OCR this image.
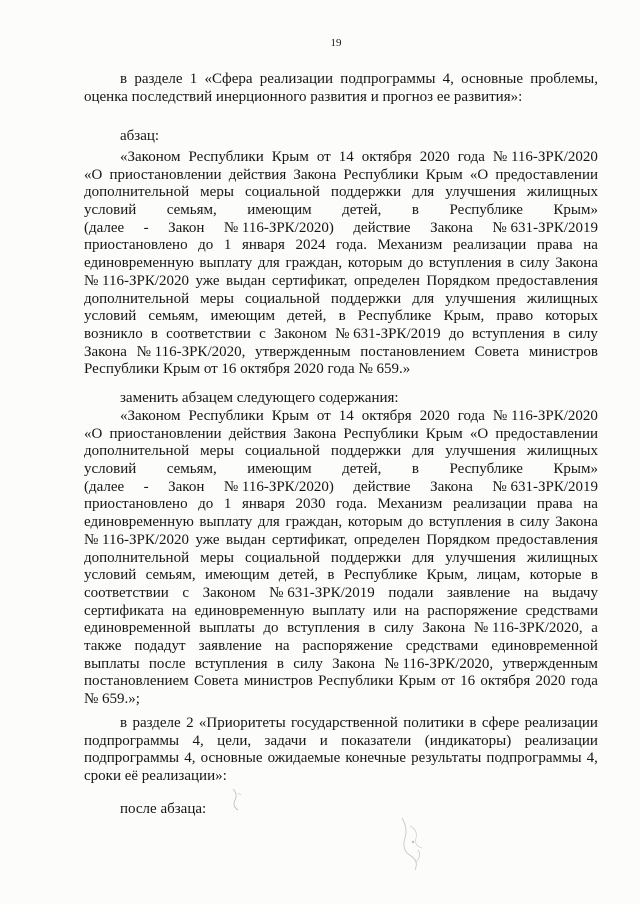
19
в разделе 1 «Сфера реализации подпрограммы 4, основные проблемы,
оценка последствий инерционного развития и прогноз ее развития»:
абзац:
«Законом Республики Крым от 14 октября 2020 года № 116-ЗРК/2020
«О приостановлении действия Закона Республики Крым «О предоставлении
дополнительной меры социальной поддержки для улучшения жилищных
условий семьям, имеющим детей, в Республике Крым»
(далее - Закон № 116-ЗРК/2020) действие Закона № 631-ЗРК/2019
приостановлено до 1 января 2024 года. Механизм реализации права на
единовременную выплату для граждан, которым до вступления в силу Закона
№ 116-ЗРК/2020 уже выдан сертификат, определен Порядком предоставления
дополнительной меры социальной поддержки для улучшения жилищных
условий семьям, имеющим детей, в Республике Крым, право которых
возникло в соответствии с Законом № 631-ЗРК/2019 до вступления в силу
Закона № 116-ЗРК/2020, утвержденным постановлением Совета министров
Республики Крым от 16 октября 2020 года № 659.»
заменить абзацем следующего содержания:
«Законом Республики Крым от 14 октября 2020 года № 116-ЗРК/2020
«О приостановлении действия Закона Республики Крым «О предоставлении
дополнительной меры социальной поддержки для улучшения жилищных
условий семьям, имеющим детей, в Республике Крым»
(далее - Закон № 116-ЗРК/2020) действие Закона № 631-ЗРК/2019
приостановлено до 1 января 2030 года. Механизм реализации права на
единовременную выплату для граждан, которым до вступления в силу Закона
№ 116-ЗРК/2020 уже выдан сертификат, определен Порядком предоставления
дополнительной меры социальной поддержки для улучшения жилищных
условий семьям, имеющим детей, в Республике Крым, лицам, которые в
соответствии с Законом № 631-ЗРК/2019 подали заявление на выдачу
сертификата на единовременную выплату или на распоряжение средствами
единовременной выплаты до вступления в силу Закона № 116-ЗРК/2020, а
также подадут заявление на распоряжение средствами единовременной
выплаты после вступления в силу Закона № 116-ЗРК/2020, утвержденным
постановлением Совета министров Республики Крым от 16 октября 2020 года
№ 659.»;
в разделе 2 «Приоритеты государственной политики в сфере реализации
подпрограммы 4, цели, задачи и показатели (индикаторы) реализации
подпрограммы 4, основные ожидаемые конечные результаты подпрограммы 4,
сроки её реализации»:
после абзаца:
